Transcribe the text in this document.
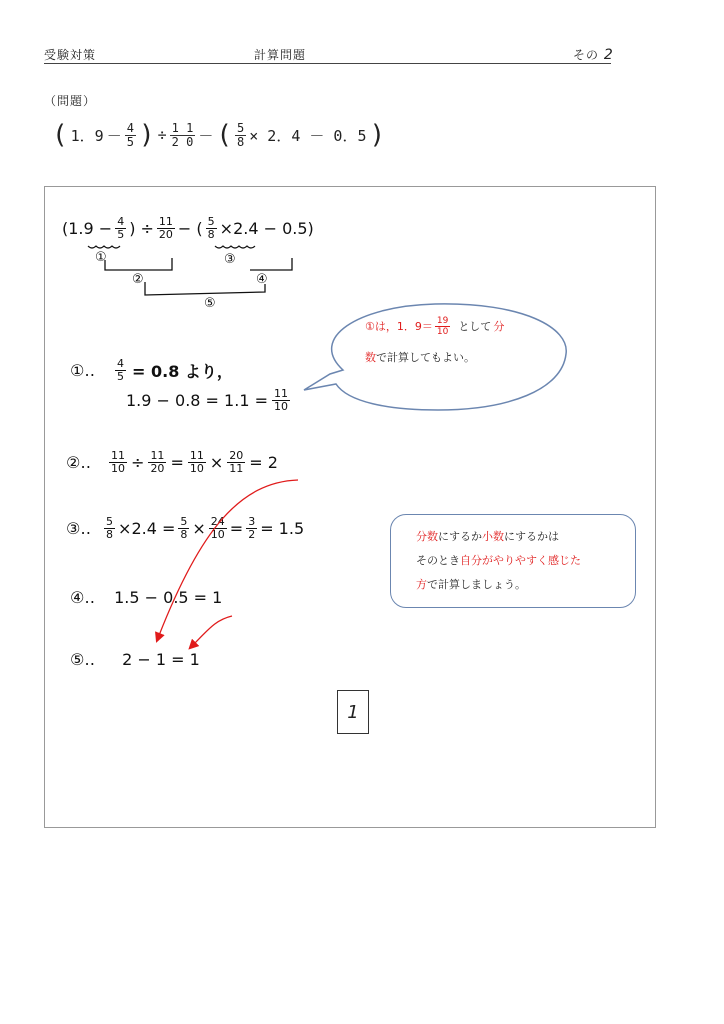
受験対策	計算問題	その 2
（問題）
( 1．$9 - \frac{4}{5}$ ) ÷ $\frac{1 1}{2 0}$ － ( $\frac{5}{8} \times 2$．4 － 0．5 )
($1.9 - \frac{4}{5}$ ) ÷ $\frac{11}{20}$ − ( $\frac{5}{8} \times 2.4 - 0.5$)
①
②
③
④
⑤
①は，1．$9= \frac{19}{10}$ として 分
数で計算してもよい。
①‥ $\frac{4}{5} = 0.8$ より，
$1.9 - 0.8 = 1.1 = \frac{11}{10}$
②‥ $\frac{11}{10} \div \frac{11}{20} = \frac{11}{10} \times \frac{20}{11} = 2$
③‥ $\frac{5}{8} \times 2.4 = \frac{5}{8} \times \frac{24}{10} = \frac{3}{2} = 1.5$	分数にするか小数にするかは
そのとき自分がやりやすく感じた
方で計算しましょう。
④‥ 1.5 − 0.5 = 1
⑤‥ 2 − 1 = 1
1
